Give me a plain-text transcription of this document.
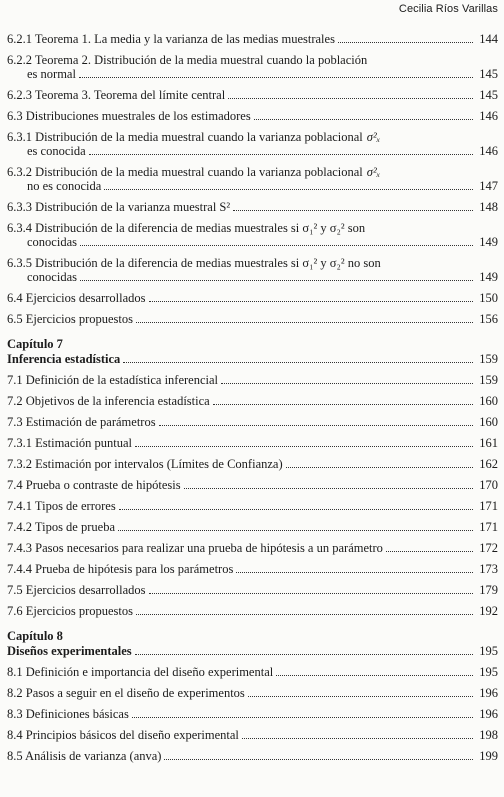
Cecilia Ríos Varillas
6.2.1 Teorema 1. La media y la varianza de las medias muestrales	144
6.2.2 Teorema 2. Distribución de la media muestral cuando la población
es normal	145
6.2.3 Teorema 3. Teorema del límite central	145
6.3 Distribuciones muestrales de los estimadores	146
6.3.1 Distribución de la media muestral cuando la varianza poblacional σ²ₓ
es conocida	146
6.3.2 Distribución de la media muestral cuando la varianza poblacional σ²ₓ
no es conocida	147
6.3.3 Distribución de la varianza muestral S²	148
6.3.4 Distribución de la diferencia de medias muestrales si σ₁² y σ₂² son
conocidas	149
6.3.5 Distribución de la diferencia de medias muestrales si σ₁² y σ₂² no son
conocidas	149
6.4 Ejercicios desarrollados	150
6.5 Ejercicios propuestos	156
Capítulo 7
Inferencia estadística	159
7.1 Definición de la estadística inferencial	159
7.2 Objetivos de la inferencia estadística	160
7.3 Estimación de parámetros	160
7.3.1 Estimación puntual	161
7.3.2 Estimación por intervalos (Límites de Confianza)	162
7.4 Prueba o contraste de hipótesis	170
7.4.1 Tipos de errores	171
7.4.2 Tipos de prueba	171
7.4.3 Pasos necesarios para realizar una prueba de hipótesis a un parámetro	172
7.4.4 Prueba de hipótesis para los parámetros	173
7.5 Ejercicios desarrollados	179
7.6 Ejercicios propuestos	192
Capítulo 8
Diseños experimentales	195
8.1 Definición e importancia del diseño experimental	195
8.2 Pasos a seguir en el diseño de experimentos	196
8.3 Definiciones básicas	196
8.4 Principios básicos del diseño experimental	198
8.5 Análisis de varianza (anva)	199
